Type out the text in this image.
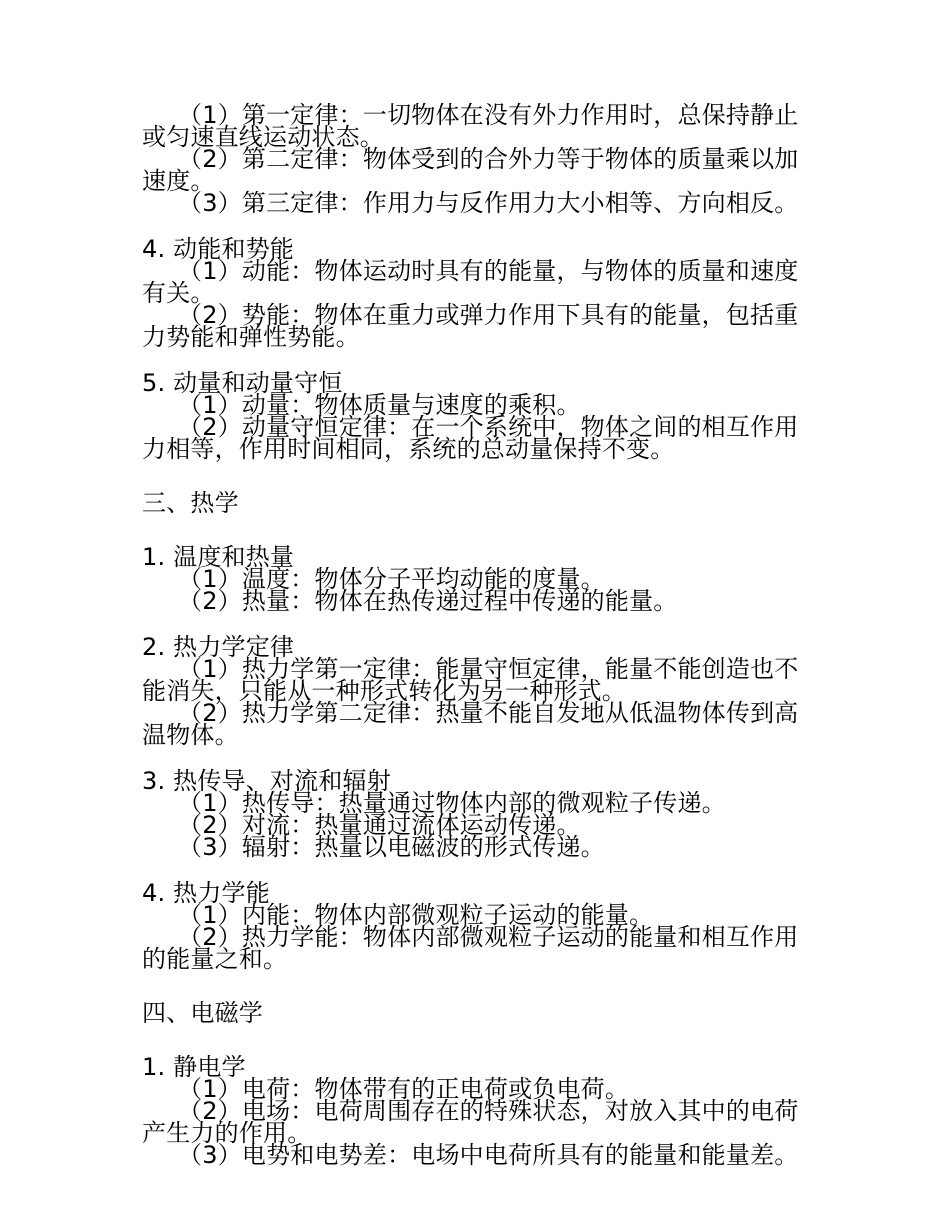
（1）第一定律：一切物体在没有外力作用时，总保持静止或匀速直线运动状态。

（2）第二定律：物体受到的合外力等于物体的质量乘以加速度。

（3）第三定律：作用力与反作用力大小相等、方向相反。

4. 动能和势能

（1）动能：物体运动时具有的能量，与物体的质量和速度有关。

（2）势能：物体在重力或弹力作用下具有的能量，包括重力势能和弹性势能。

5. 动量和动量守恒

（1）动量：物体质量与速度的乘积。

（2）动量守恒定律：在一个系统中，物体之间的相互作用力相等，作用时间相同，系统的总动量保持不变。

三、热学

1. 温度和热量

（1）温度：物体分子平均动能的度量。

（2）热量：物体在热传递过程中传递的能量。

2. 热力学定律

（1）热力学第一定律：能量守恒定律，能量不能创造也不能消失，只能从一种形式转化为另一种形式。

（2）热力学第二定律：热量不能自发地从低温物体传到高温物体。

3. 热传导、对流和辐射

（1）热传导：热量通过物体内部的微观粒子传递。

（2）对流：热量通过流体运动传递。

（3）辐射：热量以电磁波的形式传递。

4. 热力学能

（1）内能：物体内部微观粒子运动的能量。

（2）热力学能：物体内部微观粒子运动的能量和相互作用的能量之和。

四、电磁学

1. 静电学

（1）电荷：物体带有的正电荷或负电荷。

（2）电场：电荷周围存在的特殊状态，对放入其中的电荷产生力的作用。

（3）电势和电势差：电场中电荷所具有的能量和能量差。
